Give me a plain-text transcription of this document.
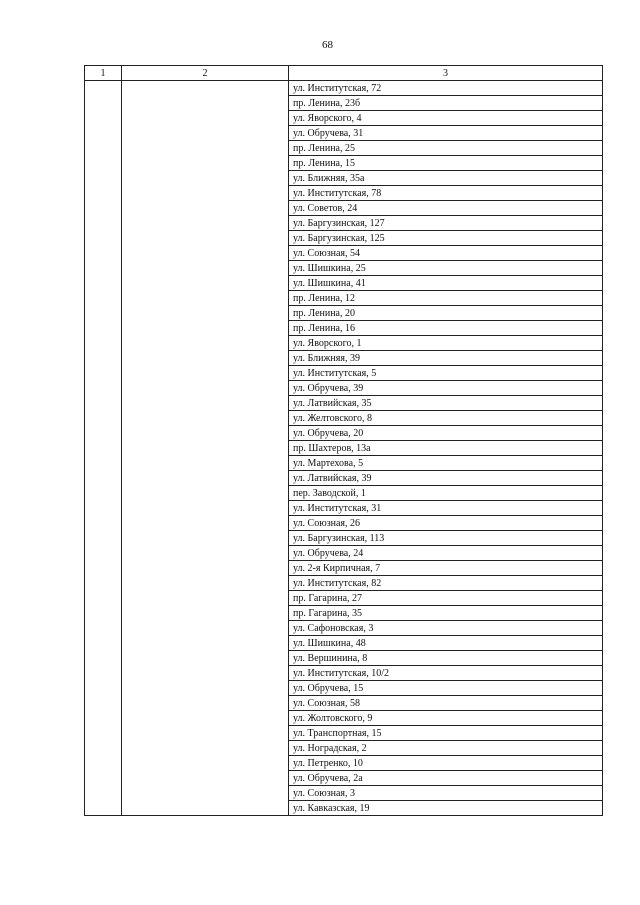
68
1	2	3
		ул. Институтская, 72
		пр. Ленина, 23б
		ул. Яворского, 4
		ул. Обручева, 31
		пр. Ленина, 25
		пр. Ленина, 15
		ул. Ближняя, 35а
		ул. Институтская, 78
		ул. Советов, 24
		ул. Баргузинская, 127
		ул. Баргузинская, 125
		ул. Союзная, 54
		ул. Шишкина, 25
		ул. Шишкина, 41
		пр. Ленина, 12
		пр. Ленина, 20
		пр. Ленина, 16
		ул. Яворского, 1
		ул. Ближняя, 39
		ул. Институтская, 5
		ул. Обручева, 39
		ул. Латвийская, 35
		ул. Желтовского, 8
		ул. Обручева, 20
		пр. Шахтеров, 13а
		ул. Мартехова, 5
		ул. Латвийская, 39
		пер. Заводской, 1
		ул. Институтская, 31
		ул. Союзная, 26
		ул. Баргузинская, 113
		ул. Обручева, 24
		ул. 2-я Кирпичная, 7
		ул. Институтская, 82
		пр. Гагарина, 27
		пр. Гагарина, 35
		ул. Сафоновская, 3
		ул. Шишкина, 48
		ул. Вершинина, 8
		ул. Институтская, 10/2
		ул. Обручева, 15
		ул. Союзная, 58
		ул. Жолтовского, 9
		ул. Транспортная, 15
		ул. Ноградская, 2
		ул. Петренко, 10
		ул. Обручева, 2а
		ул. Союзная, 3
		ул. Кавказская, 19
